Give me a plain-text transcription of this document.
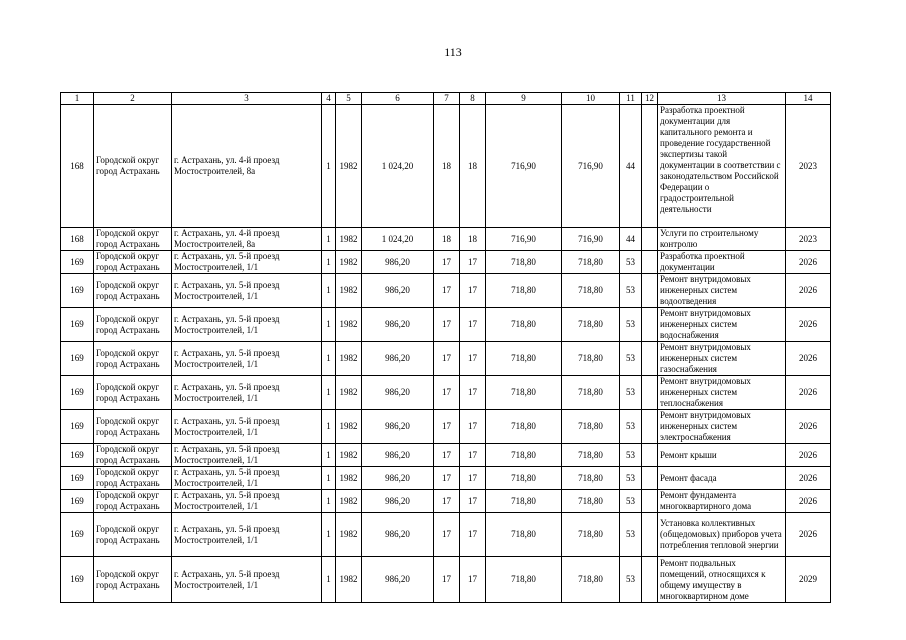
113
1	2	3	4	5	6	7	8	9	10	11	12	13	14
168	Городской округ город Астрахань	г. Астрахань, ул. 4-й проезд Мостостроителей, 8а	1	1982	1 024,20	18	18	716,90	716,90	44		Разработка проектной документации для капитального ремонта и проведение государственной экспертизы такой документации в соответствии с законодательством Российской Федерации о градостроительной деятельности	2023
168	Городской округ город Астрахань	г. Астрахань, ул. 4-й проезд Мостостроителей, 8а	1	1982	1 024,20	18	18	716,90	716,90	44		Услуги по строительному контролю	2023
169	Городской округ город Астрахань	г. Астрахань, ул. 5-й проезд Мостостроителей, 1/1	1	1982	986,20	17	17	718,80	718,80	53		Разработка проектной документации	2026
169	Городской округ город Астрахань	г. Астрахань, ул. 5-й проезд Мостостроителей, 1/1	1	1982	986,20	17	17	718,80	718,80	53		Ремонт внутридомовых инженерных систем водоотведения	2026
169	Городской округ город Астрахань	г. Астрахань, ул. 5-й проезд Мостостроителей, 1/1	1	1982	986,20	17	17	718,80	718,80	53		Ремонт внутридомовых инженерных систем водоснабжения	2026
169	Городской округ город Астрахань	г. Астрахань, ул. 5-й проезд Мостостроителей, 1/1	1	1982	986,20	17	17	718,80	718,80	53		Ремонт внутридомовых инженерных систем газоснабжения	2026
169	Городской округ город Астрахань	г. Астрахань, ул. 5-й проезд Мостостроителей, 1/1	1	1982	986,20	17	17	718,80	718,80	53		Ремонт внутридомовых инженерных систем теплоснабжения	2026
169	Городской округ город Астрахань	г. Астрахань, ул. 5-й проезд Мостостроителей, 1/1	1	1982	986,20	17	17	718,80	718,80	53		Ремонт внутридомовых инженерных систем электроснабжения	2026
169	Городской округ город Астрахань	г. Астрахань, ул. 5-й проезд Мостостроителей, 1/1	1	1982	986,20	17	17	718,80	718,80	53		Ремонт крыши	2026
169	Городской округ город Астрахань	г. Астрахань, ул. 5-й проезд Мостостроителей, 1/1	1	1982	986,20	17	17	718,80	718,80	53		Ремонт фасада	2026
169	Городской округ город Астрахань	г. Астрахань, ул. 5-й проезд Мостостроителей, 1/1	1	1982	986,20	17	17	718,80	718,80	53		Ремонт фундамента многоквартирного дома	2026
169	Городской округ город Астрахань	г. Астрахань, ул. 5-й проезд Мостостроителей, 1/1	1	1982	986,20	17	17	718,80	718,80	53		Установка коллективных (общедомовых) приборов учета потребления тепловой энергии	2026
169	Городской округ город Астрахань	г. Астрахань, ул. 5-й проезд Мостостроителей, 1/1	1	1982	986,20	17	17	718,80	718,80	53		Ремонт подвальных помещений, относящихся к общему имуществу в многоквартирном доме	2029
